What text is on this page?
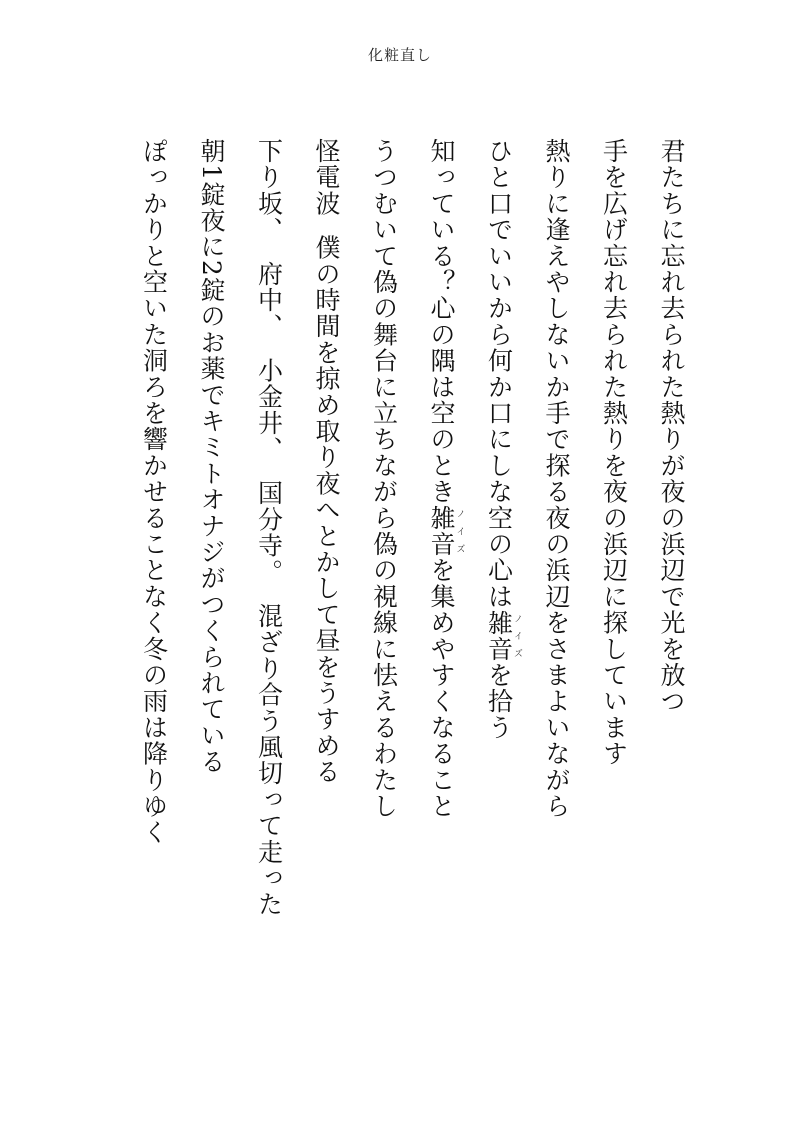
化粧直し
君たちに忘れ去られた熱りが夜の浜辺で光を放つ
手を広げ忘れ去られた熱りを夜の浜辺に探しています
熱りに逢えやしないか手で探る夜の浜辺をさまよいながら
ひと口でいいから何か口にしな空の心は雑音ノイズを拾う
知っている？心の隅は空のとき雑音ノイズを集めやすくなること
うつむいて偽の舞台に立ちながら偽の視線に怯えるわたし
怪電波僕の時間を掠め取り夜へとかして昼をうすめる
下り坂、府中、小金井、国分寺。混ざり合う風切って走った
朝1錠夜に2錠のお薬でキミトオナジがつくられている
ぽっかりと空いた洞ろを響かせることなく冬の雨は降りゆく
